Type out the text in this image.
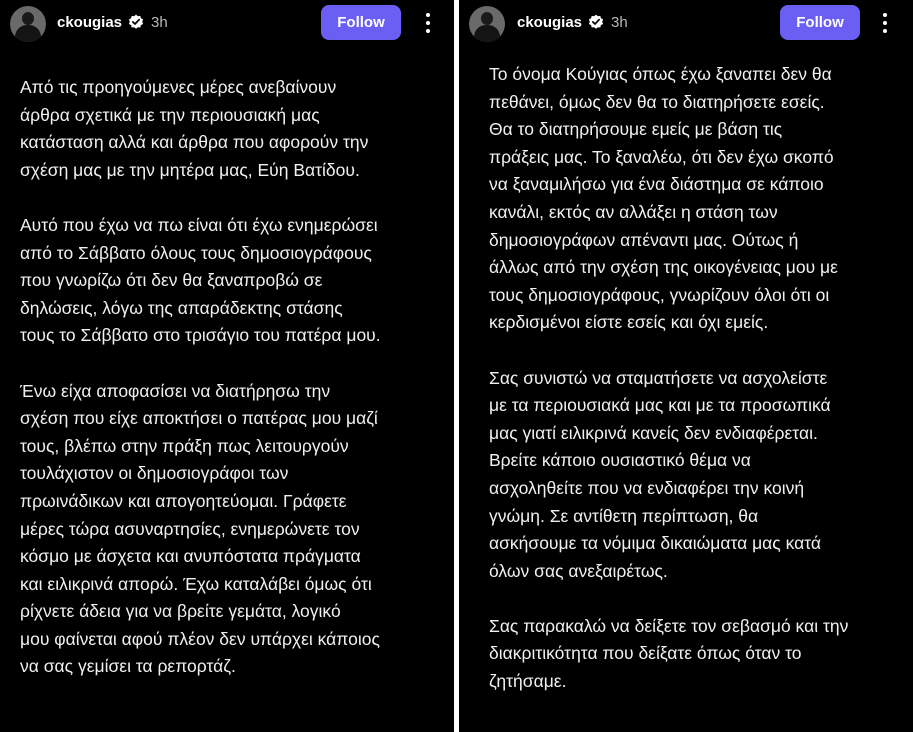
ckougias 3h	Follow

Από τις προηγούμενες μέρες ανεβαίνουν
άρθρα σχετικά με την περιουσιακή μας
κατάσταση αλλά και άρθρα που αφορούν την
σχέση μας με την μητέρα μας, Εύη Βατίδου.

Αυτό που έχω να πω είναι ότι έχω ενημερώσει
από το Σάββατο όλους τους δημοσιογράφους
που γνωρίζω ότι δεν θα ξαναπροβώ σε
δηλώσεις, λόγω της απαράδεκτης στάσης
τους το Σάββατο στο τρισάγιο του πατέρα μου.

Ένω είχα αποφασίσει να διατήρησω την
σχέση που είχε αποκτήσει ο πατέρας μου μαζί
τους, βλέπω στην πράξη πως λειτουργούν
τουλάχιστον οι δημοσιογράφοι των
πρωινάδικων και απογοητεύομαι. Γράφετε
μέρες τώρα ασυναρτησίες, ενημερώνετε τον
κόσμο με άσχετα και ανυπόστατα πράγματα
και ειλικρινά απορώ. Έχω καταλάβει όμως ότι
ρίχνετε άδεια για να βρείτε γεμάτα, λογικό
μου φαίνεται αφού πλέον δεν υπάρχει κάποιος
να σας γεμίσει τα ρεπορτάζ.

ckougias 3h	Follow

Το όνομα Κούγιας όπως έχω ξαναπει δεν θα
πεθάνει, όμως δεν θα το διατηρήσετε εσείς.
Θα το διατηρήσουμε εμείς με βάση τις
πράξεις μας. Το ξαναλέω, ότι δεν έχω σκοπό
να ξαναμιλήσω για ένα διάστημα σε κάποιο
κανάλι, εκτός αν αλλάξει η στάση των
δημοσιογράφων απέναντι μας. Ούτως ή
άλλως από την σχέση της οικογένειας μου με
τους δημοσιογράφους, γνωρίζουν όλοι ότι οι
κερδισμένοι είστε εσείς και όχι εμείς.

Σας συνιστώ να σταματήσετε να ασχολείστε
με τα περιουσιακά μας και με τα προσωπικά
μας γιατί ειλικρινά κανείς δεν ενδιαφέρεται.
Βρείτε κάποιο ουσιαστικό θέμα να
ασχοληθείτε που να ενδιαφέρει την κοινή
γνώμη. Σε αντίθετη περίπτωση, θα
ασκήσουμε τα νόμιμα δικαιώματα μας κατά
όλων σας ανεξαιρέτως.

Σας παρακαλώ να δείξετε τον σεβασμό και την
διακριτικότητα που δείξατε όπως όταν το
ζητήσαμε.
